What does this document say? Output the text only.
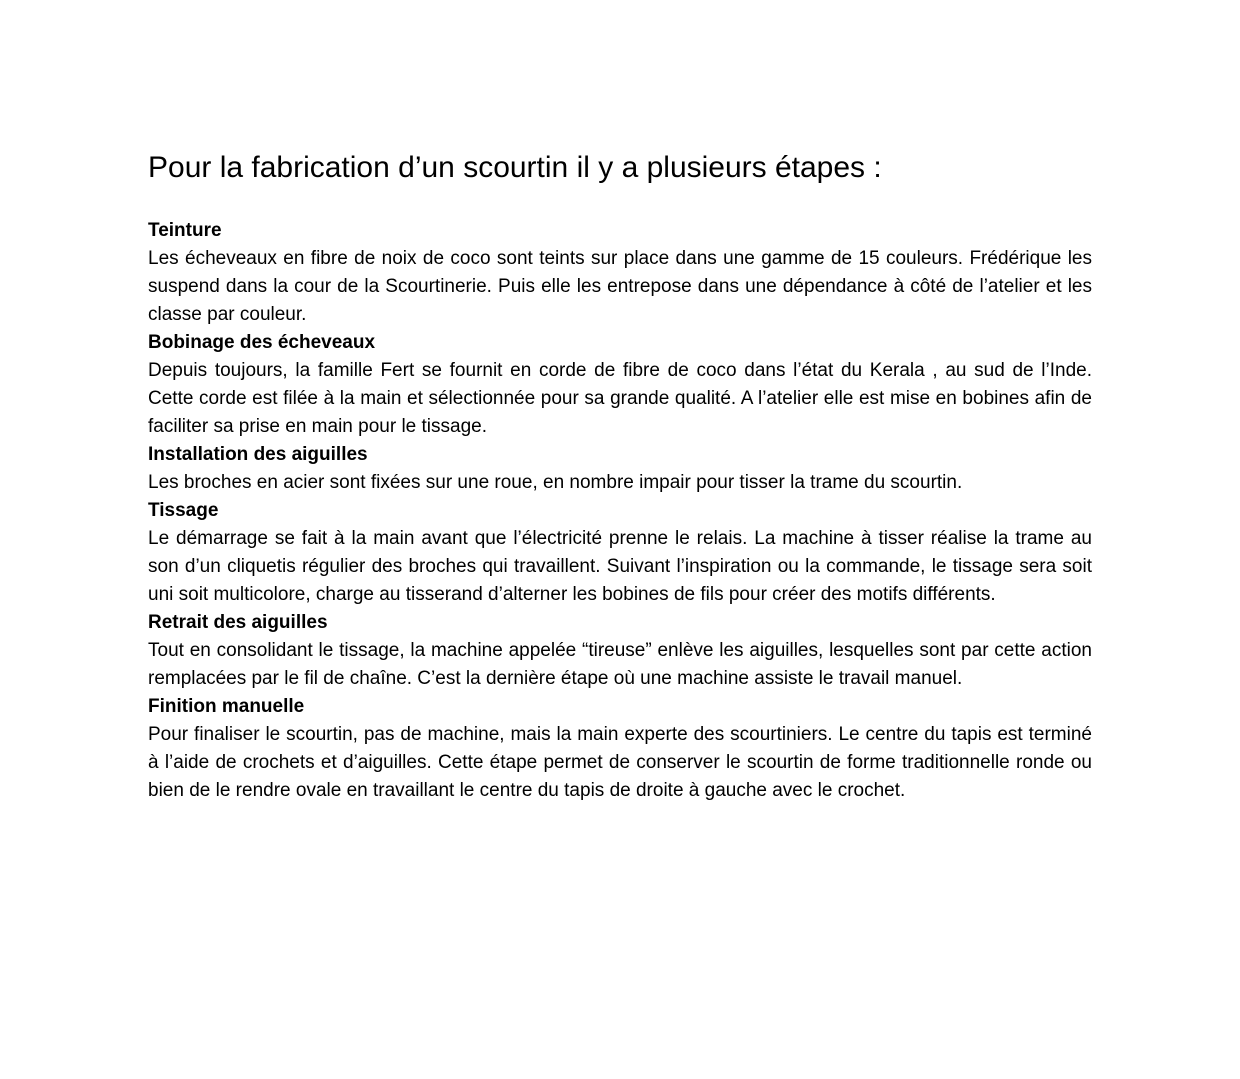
Pour la fabrication d’un scourtin il y a plusieurs étapes :

Teinture

Les écheveaux en fibre de noix de coco sont teints sur place dans une gamme de 15 couleurs. Frédérique les suspend dans la cour de la Scourtinerie. Puis elle les entrepose dans une dépendance à côté de l’atelier et les classe par couleur.

Bobinage des écheveaux

Depuis toujours, la famille Fert se fournit en corde de fibre de coco dans l’état du Kerala , au sud de l’Inde. Cette corde est filée à la main et sélectionnée pour sa grande qualité. A l’atelier elle est mise en bobines afin de faciliter sa prise en main pour le tissage.

Installation des aiguilles

Les broches en acier sont fixées sur une roue, en nombre impair pour tisser la trame du scourtin.

Tissage

Le démarrage se fait à la main avant que l’électricité prenne le relais. La machine à tisser réalise la trame au son d’un cliquetis régulier des broches qui travaillent. Suivant l’inspiration ou la commande, le tissage sera soit uni soit multicolore, charge au tisserand d’alterner les bobines de fils pour créer des motifs différents.

Retrait des aiguilles

Tout en consolidant le tissage, la machine appelée “tireuse” enlève les aiguilles, lesquelles sont par cette action remplacées par le fil de chaîne. C’est la dernière étape où une machine assiste le travail manuel.

Finition manuelle

Pour finaliser le scourtin, pas de machine, mais la main experte des scourtiniers. Le centre du tapis est terminé à l’aide de crochets et d’aiguilles. Cette étape permet de conserver le scourtin de forme traditionnelle ronde ou bien de le rendre ovale en travaillant le centre du tapis de droite à gauche avec le crochet.
